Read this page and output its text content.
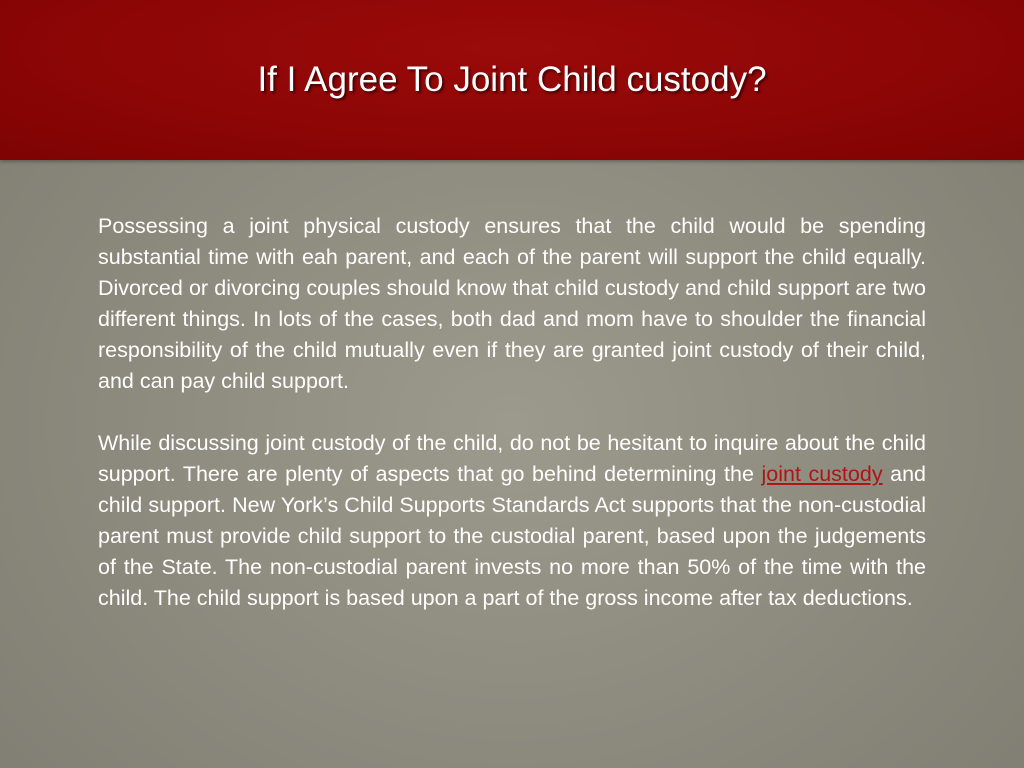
If I Agree To Joint Child custody?

Possessing a joint physical custody ensures that the child would be spending substantial time with eah parent, and each of the parent will support the child equally. Divorced or divorcing couples should know that child custody and child support are two different things. In lots of the cases, both dad and mom have to shoulder the financial responsibility of the child mutually even if they are granted joint custody of their child, and can pay child support.

While discussing joint custody of the child, do not be hesitant to inquire about the child support. There are plenty of aspects that go behind determining the joint custody and child support. New York’s Child Supports Standards Act supports that the non-custodial parent must provide child support to the custodial parent, based upon the judgements of the State. The non-custodial parent invests no more than 50% of the time with the child. The child support is based upon a part of the gross income after tax deductions.
